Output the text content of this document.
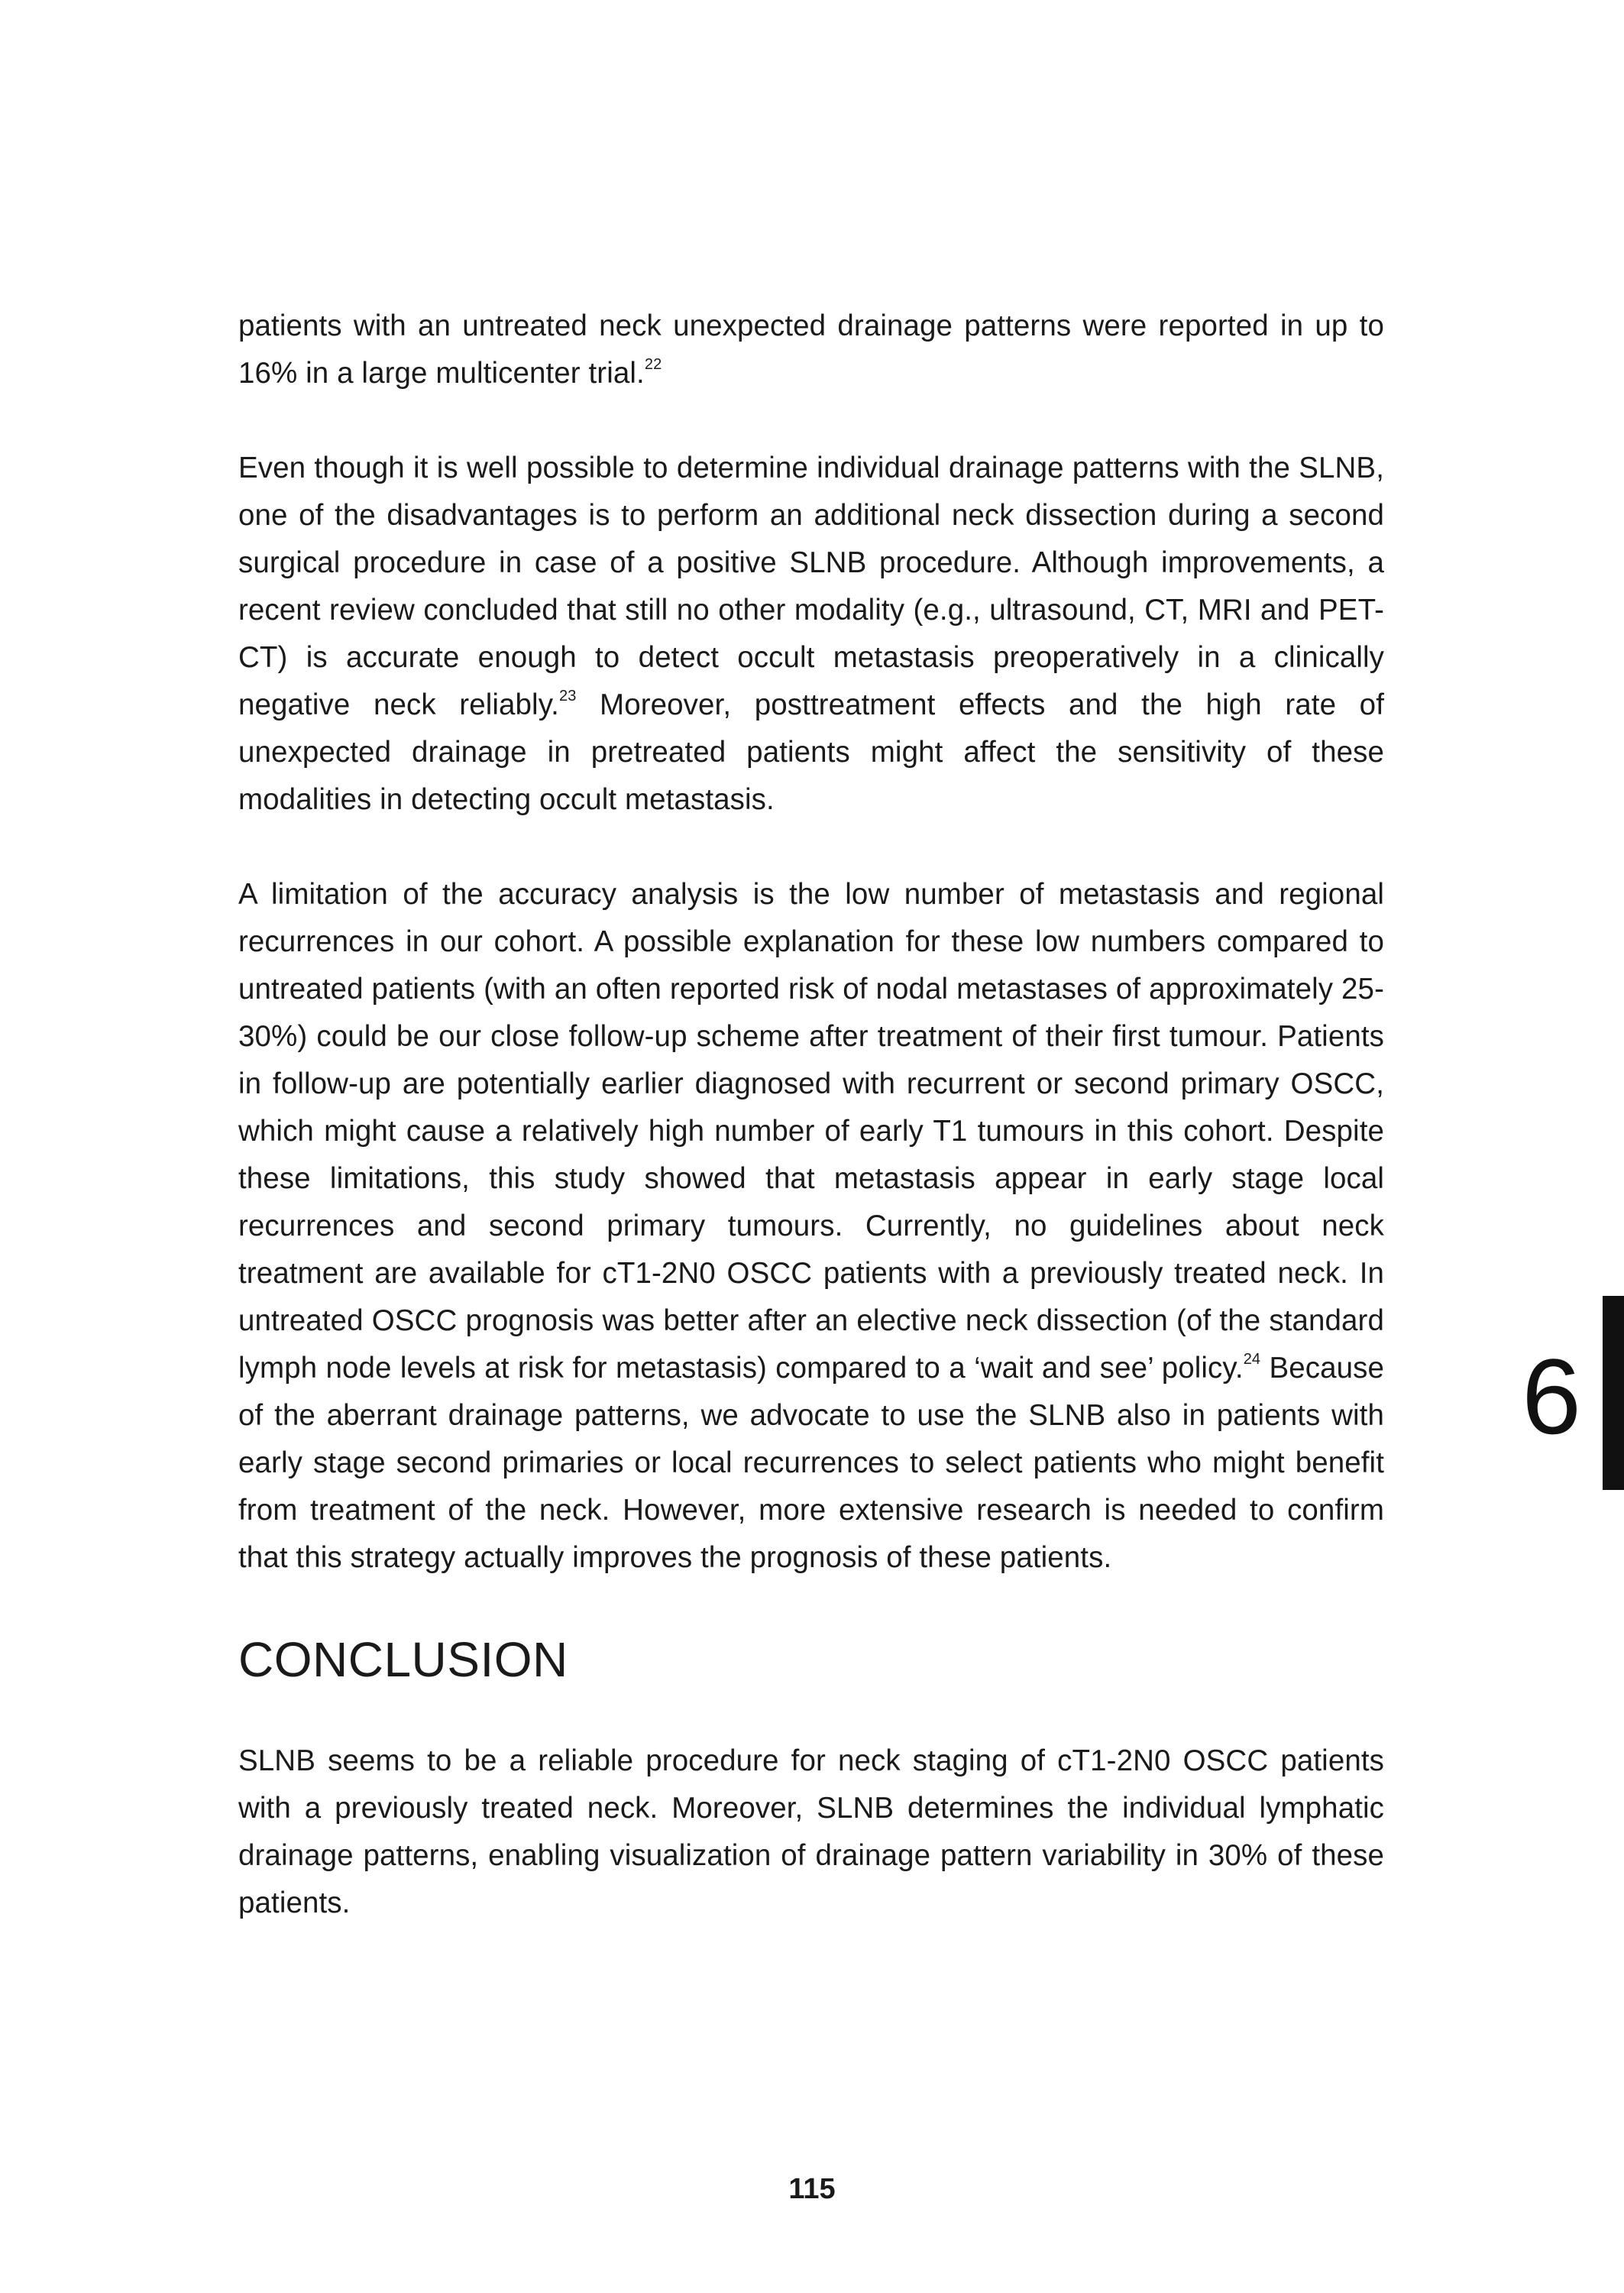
patients with an untreated neck unexpected drainage patterns were reported in up to 16% in a large multicenter trial.$^{22}$

Even though it is well possible to determine individual drainage patterns with the SLNB, one of the disadvantages is to perform an additional neck dissection during a second surgical procedure in case of a positive SLNB procedure. Although improvements, a recent review concluded that still no other modality (e.g., ultrasound, CT, MRI and PET-CT) is accurate enough to detect occult metastasis preoperatively in a clinically negative neck reliably.$^{23}$ Moreover, posttreatment effects and the high rate of unexpected drainage in pretreated patients might affect the sensitivity of these modalities in detecting occult metastasis.

A limitation of the accuracy analysis is the low number of metastasis and regional recurrences in our cohort. A possible explanation for these low numbers compared to untreated patients (with an often reported risk of nodal metastases of approximately 25-30%) could be our close follow-up scheme after treatment of their first tumour. Patients in follow-up are potentially earlier diagnosed with recurrent or second primary OSCC, which might cause a relatively high number of early T1 tumours in this cohort. Despite these limitations, this study showed that metastasis appear in early stage local recurrences and second primary tumours. Currently, no guidelines about neck treatment are available for cT1-2N0 OSCC patients with a previously treated neck. In untreated OSCC prognosis was better after an elective neck dissection (of the standard lymph node levels at risk for metastasis) compared to a ‘wait and see’ policy.$^{24}$ Because of the aberrant drainage patterns, we advocate to use the SLNB also in patients with early stage second primaries or local recurrences to select patients who might benefit from treatment of the neck. However, more extensive research is needed to confirm that this strategy actually improves the prognosis of these patients.

CONCLUSION

SLNB seems to be a reliable procedure for neck staging of cT1-2N0 OSCC patients with a previously treated neck. Moreover, SLNB determines the individual lymphatic drainage patterns, enabling visualization of drainage pattern variability in 30% of these patients.

6
115
